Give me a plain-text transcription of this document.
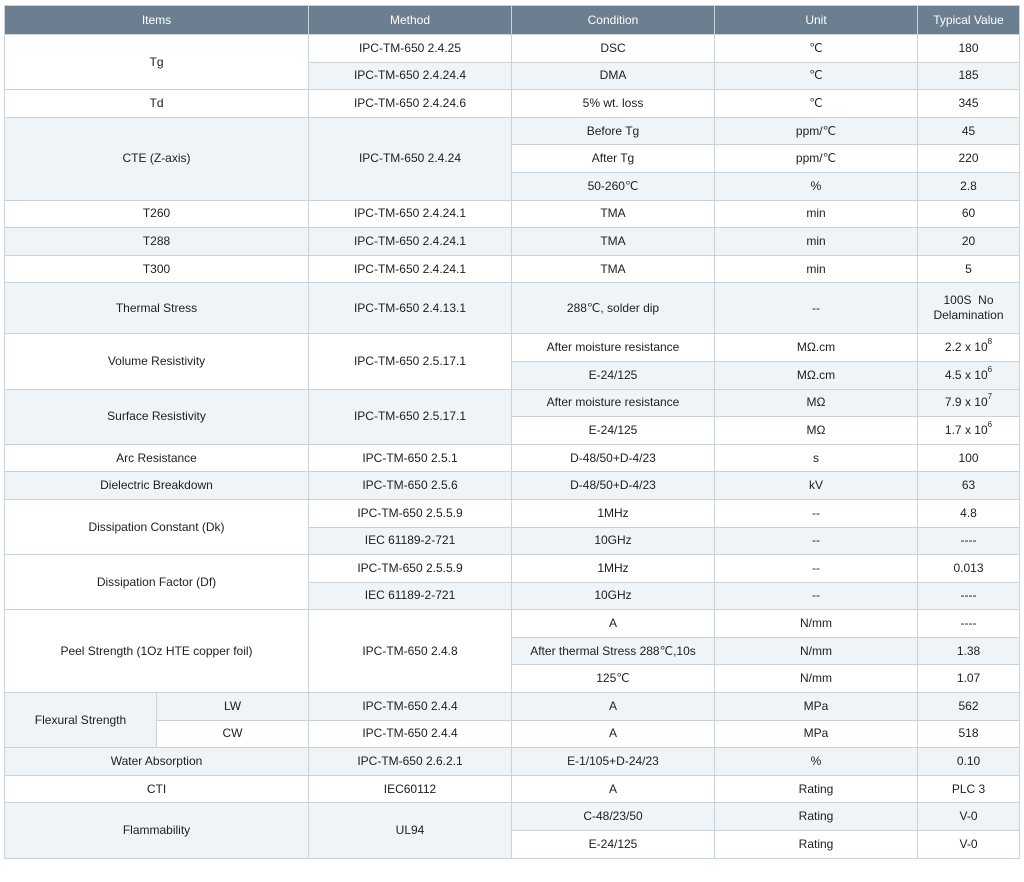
Items		Method	Condition	Unit	Typical Value
Tg		IPC-TM-650 2.4.25	DSC	℃	180
		IPC-TM-650 2.4.24.4	DMA	℃	185
Td		IPC-TM-650 2.4.24.6	5% wt. loss	℃	345
CTE (Z-axis)		IPC-TM-650 2.4.24	Before Tg	ppm/℃	45
			After Tg	ppm/℃	220
			50-260℃	%	2.8
T260		IPC-TM-650 2.4.24.1	TMA	min	60
T288		IPC-TM-650 2.4.24.1	TMA	min	20
T300		IPC-TM-650 2.4.24.1	TMA	min	5
Thermal Stress		IPC-TM-650 2.4.13.1	288℃, solder dip	--	100S  No
Delamination
Volume Resistivity		IPC-TM-650 2.5.17.1	After moisture resistance	MΩ.cm	2.2 x $10^8$
			E-24/125	MΩ.cm	4.5 x $10^6$
Surface Resistivity		IPC-TM-650 2.5.17.1	After moisture resistance	MΩ	7.9 x $10^7$
			E-24/125	MΩ	1.7 x $10^6$
Arc Resistance		IPC-TM-650 2.5.1	D-48/50+D-4/23	s	100
Dielectric Breakdown		IPC-TM-650 2.5.6	D-48/50+D-4/23	kV	63
Dissipation Constant (Dk)		IPC-TM-650 2.5.5.9	1MHz	--	4.8
		IEC 61189-2-721	10GHz	--	----
Dissipation Factor (Df)		IPC-TM-650 2.5.5.9	1MHz	--	0.013
		IEC 61189-2-721	10GHz	--	----
Peel Strength (1Oz HTE copper foil)		IPC-TM-650 2.4.8	A	N/mm	----
			After thermal Stress 288℃,10s	N/mm	1.38
			125℃	N/mm	1.07
Flexural Strength	LW	IPC-TM-650 2.4.4	A	MPa	562
	CW	IPC-TM-650 2.4.4	A	MPa	518
Water Absorption		IPC-TM-650 2.6.2.1	E-1/105+D-24/23	%	0.10
CTI		IEC60112	A	Rating	PLC 3
Flammability		UL94	C-48/23/50	Rating	V-0
			E-24/125	Rating	V-0
